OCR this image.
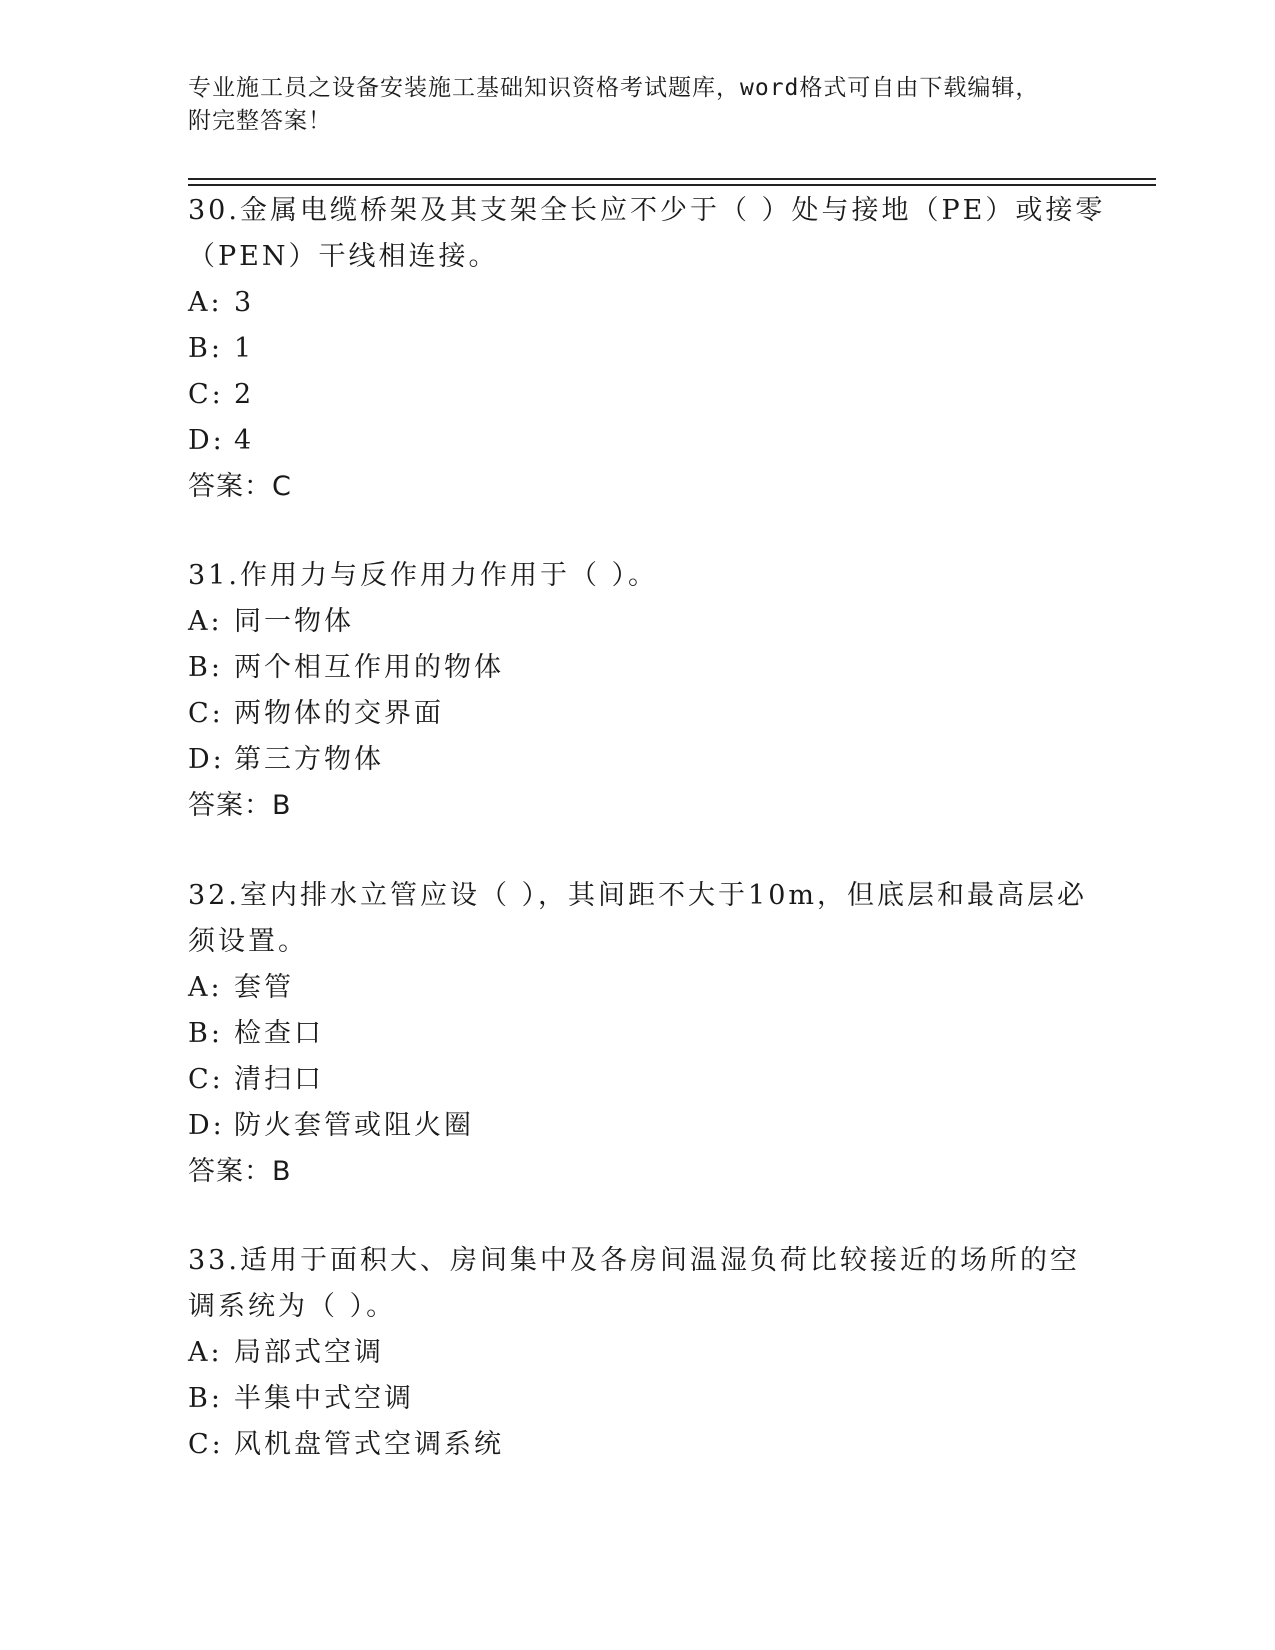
专业施工员之设备安装施工基础知识资格考试题库，word格式可自由下载编辑，
附完整答案！

30.金属电缆桥架及其支架全长应不少于（ ）处与接地（PE）或接零（PEN）干线相连接。

A: 3

B: 1

C: 2

D: 4

答案：C

31.作用力与反作用力作用于（ ）。

A: 同一物体

B: 两个相互作用的物体

C: 两物体的交界面

D: 第三方物体

答案：B

32.室内排水立管应设（ ），其间距不大于10m，但底层和最高层必须设置。

A: 套管

B: 检查口

C: 清扫口

D: 防火套管或阻火圈

答案：B

33.适用于面积大、房间集中及各房间温湿负荷比较接近的场所的空调系统为（ ）。

A: 局部式空调

B: 半集中式空调

C: 风机盘管式空调系统
